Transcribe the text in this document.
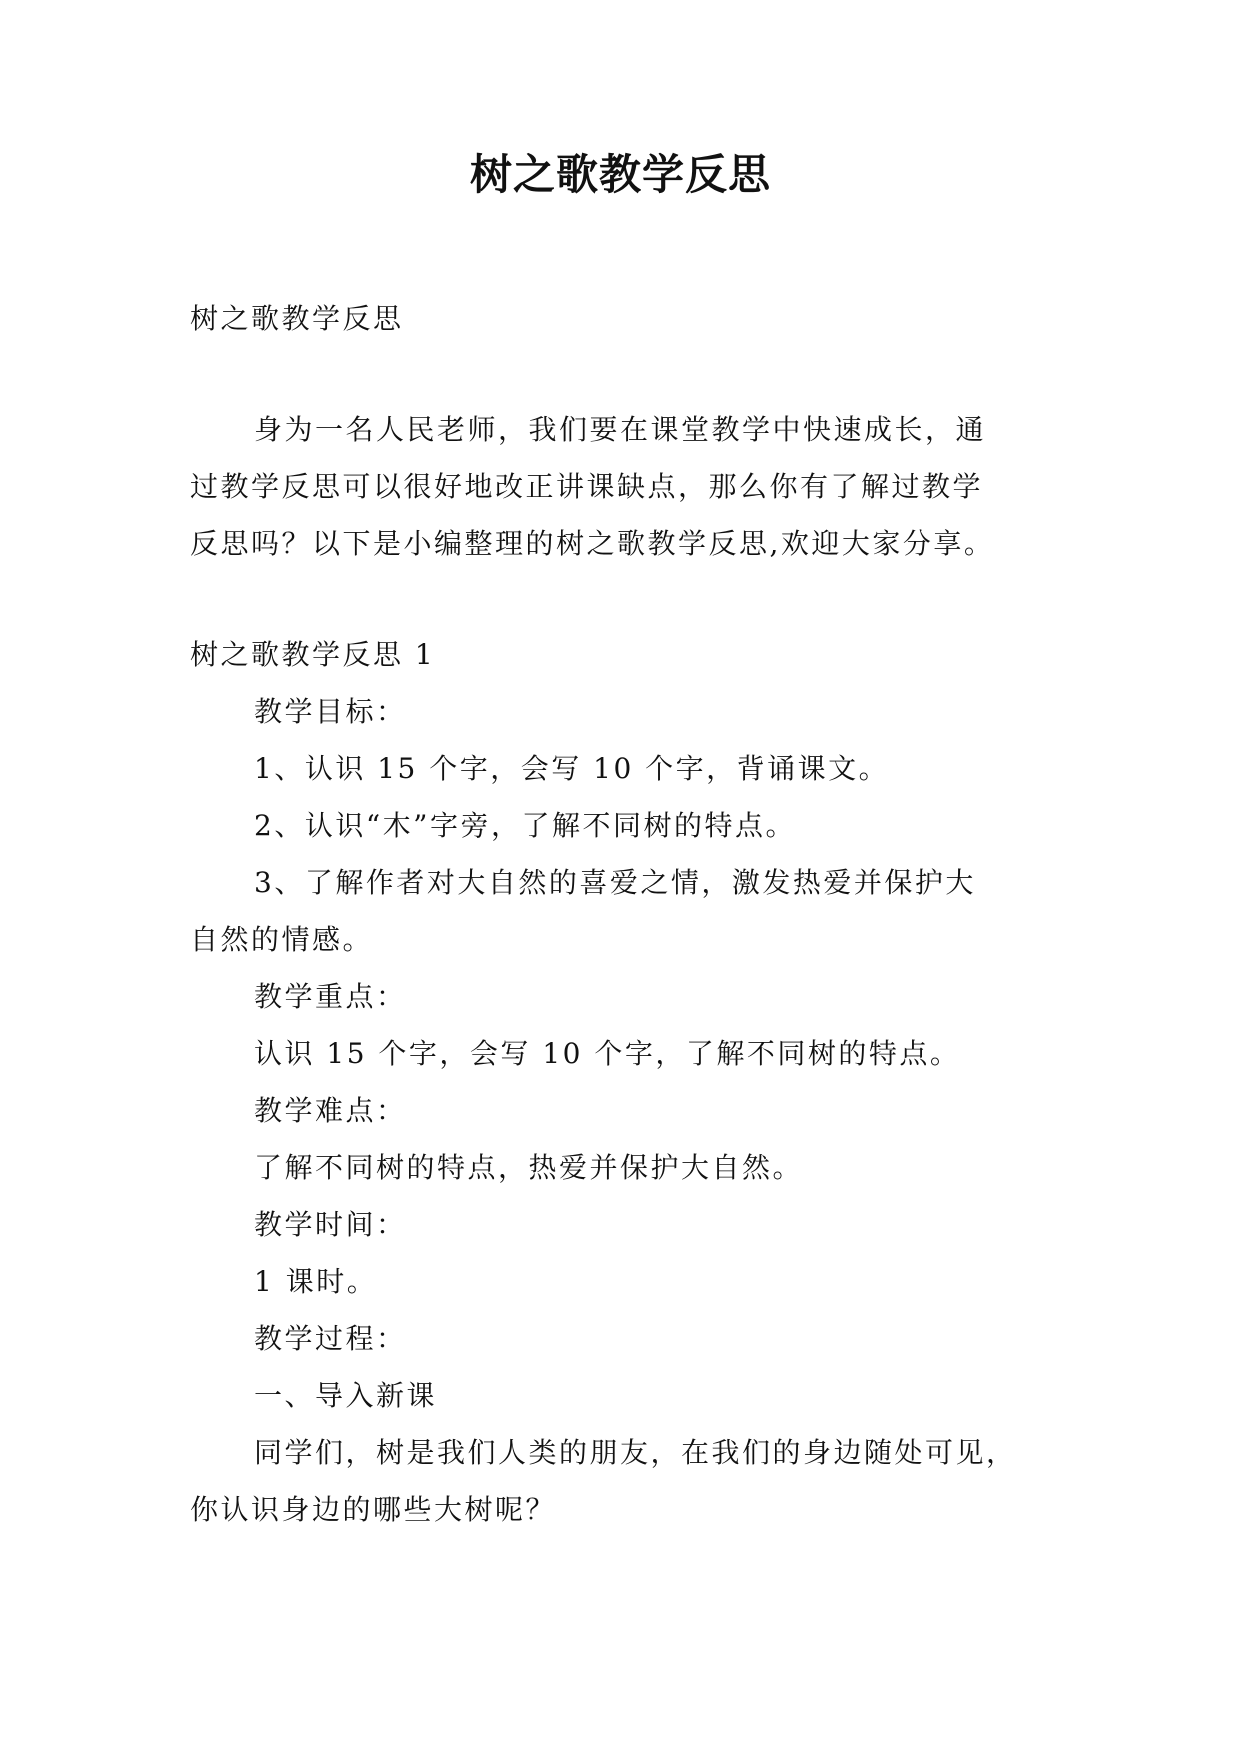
树之歌教学反思

树之歌教学反思

身为一名人民老师，我们要在课堂教学中快速成长，通

过教学反思可以很好地改正讲课缺点，那么你有了解过教学

反思吗？以下是小编整理的树之歌教学反思,欢迎大家分享。

树之歌教学反思 1

教学目标：

1、认识 15 个字，会写 10 个字，背诵课文。

2、认识“木”字旁，了解不同树的特点。

3、了解作者对大自然的喜爱之情，激发热爱并保护大

自然的情感。

教学重点：

认识 15 个字，会写 10 个字，了解不同树的特点。

教学难点：

了解不同树的特点，热爱并保护大自然。

教学时间：

1 课时。

教学过程：

一、导入新课

同学们，树是我们人类的朋友，在我们的身边随处可见，

你认识身边的哪些大树呢？
